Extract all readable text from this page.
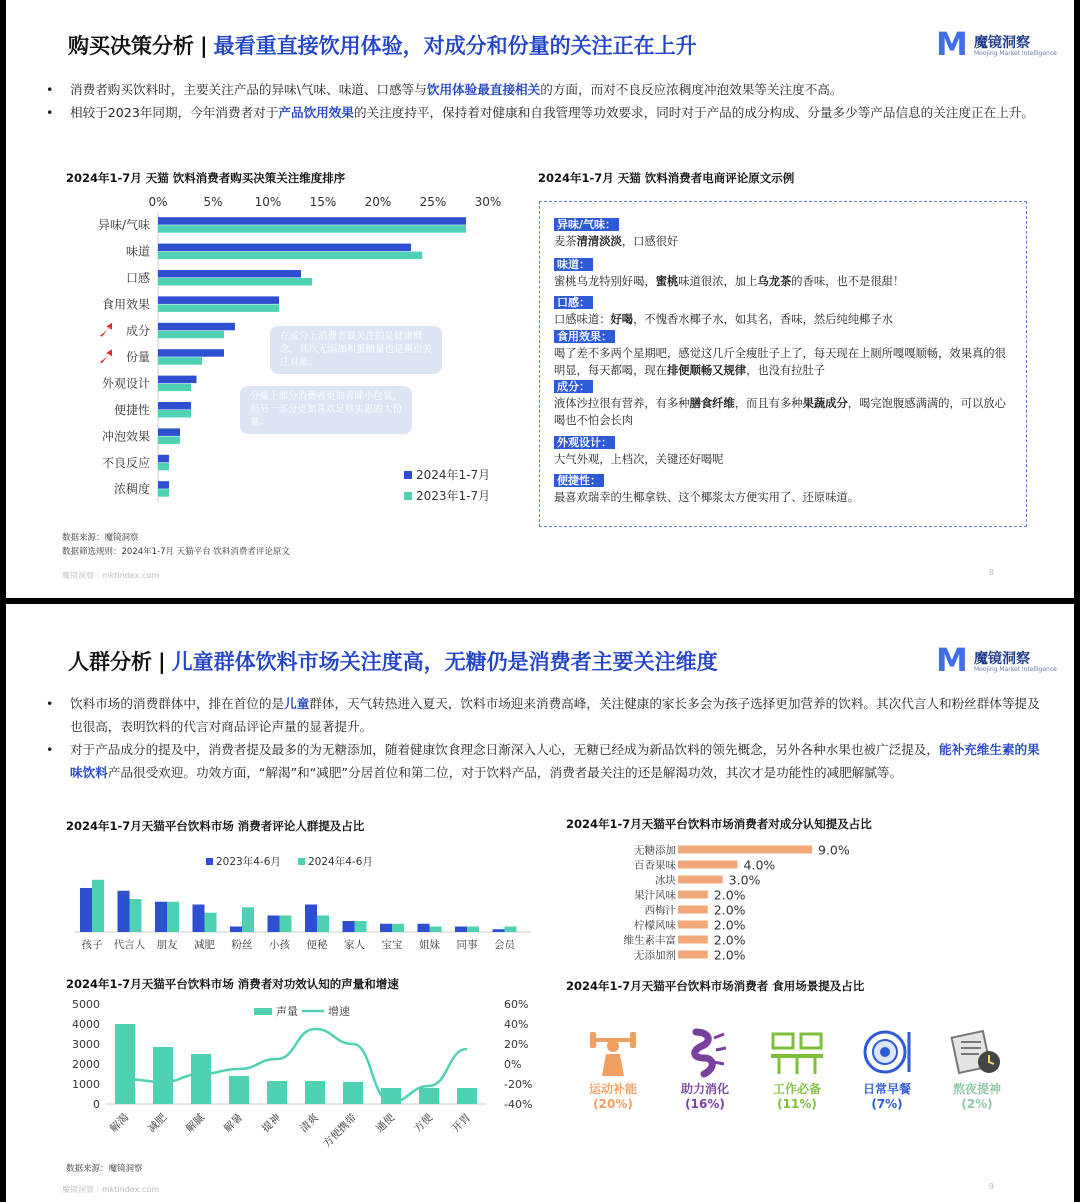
购买决策分析 | 最看重直接饮用体验，对成分和份量的关注正在上升	M 魔镜洞察
Moojing Market Intelligence
• 消费者购买饮料时，主要关注产品的异味\气味、味道、口感等与饮用体验最直接相关的方面，而对不良反应浓稠度冲泡效果等关注度不高。
• 相较于2023年同期，今年消费者对于产品饮用效果的关注度持平，保持着对健康和自我管理等功效要求，同时对于产品的成分构成、分量多少等产品信息的关注度正在上升。
2024年1-7月 天猫 饮料消费者购买决策关注维度排序
0%	5%	10% 15% 20% 25% 30%
异味/气味
味道
口感
食用效果
成分
份量
外观设计
便捷性
冲泡效果
不良反应
浓稠度
2024年1-7月
2023年1-7月
在成分上消费者最关注的是健康概念，其次无添加和蛋糖量也是重点关注对象。
分量上部分消费者更加青睐小包装，但另一部分更加喜欢足够实惠的大份量。
2024年1-7月 天猫 饮料消费者电商评论原文示例
异味/气味：
麦茶清清淡淡，口感很好
味道：
蜜桃乌龙特别好喝，蜜桃味道很浓，加上乌龙茶的香味，也不是很甜！
口感：
口感味道：好喝，不愧香水椰子水，如其名，香味，然后纯纯椰子水
食用效果：
喝了差不多两个星期吧，感觉这几斤全瘦肚子上了，每天现在上厕所嘎嘎顺畅，效果真的很明显，每天都喝，现在排便顺畅又规律，也没有拉肚子
成分：
液体沙拉很有营养，有多种膳食纤维，而且有多种果蔬成分，喝完饱腹感满满的，可以放心喝也不怕会长肉
外观设计：
大气外观，上档次，关键还好喝呢
便捷性：
最喜欢瑞幸的生椰拿铁、这个椰浆太方便实用了、还原味道。
数据来源：魔镜洞察
数据筛选规则：2024年1-7月 天猫平台 饮料消费者评论原文
魔镜洞察｜mktindex.com	8
人群分析 | 儿童群体饮料市场关注度高，无糖仍是消费者主要关注维度	M 魔镜洞察
Moojing Market Intelligence
• 饮料市场的消费群体中，排在首位的是儿童群体，天气转热进入夏天，饮料市场迎来消费高峰，关注健康的家长多会为孩子选择更加营养的饮料。其次代言人和粉丝群体等提及也很高，表明饮料的代言对商品评论声量的显著提升。
• 对于产品成分的提及中，消费者提及最多的为无糖添加，随着健康饮食理念日渐深入人心，无糖已经成为新品饮料的领先概念，另外各种水果也被广泛提及，能补充维生素的果味饮料产品很受欢迎。功效方面，“解渴”和“减肥”分居首位和第二位，对于饮料产品，消费者最关注的还是解渴功效，其次才是功能性的减肥解腻等。
2024年1-7月天猫平台饮料市场 消费者评论人群提及占比
2023年4-6月	2024年4-6月
孩子 代言人 朋友 减肥 粉丝 小孩 便秘 家人 宝宝 姐妹 同事 会员
2024年1-7月天猫平台饮料市场消费者对成分认知提及占比
无糖添加	9.0%
百香果味	4.0%
冰块	3.0%
果汁风味	2.0%
西梅汁	2.0%
柠檬风味	2.0%
维生素丰富	2.0%
无添加剂	2.0%
2024年1-7月天猫平台饮料市场 消费者对功效认知的声量和增速
0
1000
2000
3000
4000
5000
-40%
-20%
0%
20%
40%
60%
声量	增速
解渴 减肥 解腻 解暑 提神 清爽 方便携带 通便 方便 开胃
2024年1-7月天猫平台饮料市场消费者 食用场景提及占比
运动补能
(20%)
助力消化
(16%)
工作必备
(11%)
日常早餐
(7%)
熬夜提神
(2%)
数据来源：魔镜洞察
魔镜洞察｜mktindex.com	9
